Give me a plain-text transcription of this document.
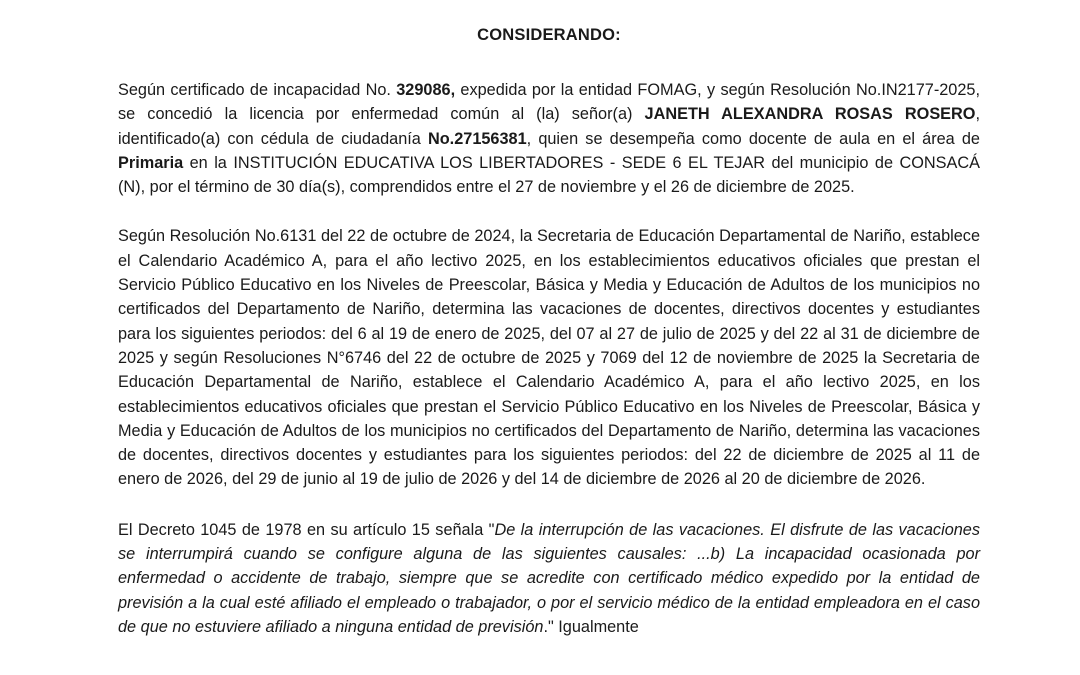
CONSIDERANDO:
Según certificado de incapacidad No. 329086, expedida por la entidad FOMAG, y según Resolución No.IN2177-2025, se concedió la licencia por enfermedad común al (la) señor(a) JANETH ALEXANDRA ROSAS ROSERO, identificado(a) con cédula de ciudadanía No.27156381, quien se desempeña como docente de aula en el área de Primaria en la INSTITUCIÓN EDUCATIVA LOS LIBERTADORES - SEDE 6 EL TEJAR del municipio de CONSACÁ (N), por el término de 30 día(s), comprendidos entre el 27 de noviembre y el 26 de diciembre de 2025.
Según Resolución No.6131 del 22 de octubre de 2024, la Secretaria de Educación Departamental de Nariño, establece el Calendario Académico A, para el año lectivo 2025, en los establecimientos educativos oficiales que prestan el Servicio Público Educativo en los Niveles de Preescolar, Básica y Media y Educación de Adultos de los municipios no certificados del Departamento de Nariño, determina las vacaciones de docentes, directivos docentes y estudiantes para los siguientes periodos: del 6 al 19 de enero de 2025, del 07 al 27 de julio de 2025 y del 22 al 31 de diciembre de 2025 y según Resoluciones N°6746 del 22 de octubre de 2025 y 7069 del 12 de noviembre de 2025 la Secretaria de Educación Departamental de Nariño, establece el Calendario Académico A, para el año lectivo 2025, en los establecimientos educativos oficiales que prestan el Servicio Público Educativo en los Niveles de Preescolar, Básica y Media y Educación de Adultos de los municipios no certificados del Departamento de Nariño, determina las vacaciones de docentes, directivos docentes y estudiantes para los siguientes periodos: del 22 de diciembre de 2025 al 11 de enero de 2026, del 29 de junio al 19 de julio de 2026 y del 14 de diciembre de 2026 al 20 de diciembre de 2026.
El Decreto 1045 de 1978 en su artículo 15 señala "De la interrupción de las vacaciones. El disfrute de las vacaciones se interrumpirá cuando se configure alguna de las siguientes causales: ...b) La incapacidad ocasionada por enfermedad o accidente de trabajo, siempre que se acredite con certificado médico expedido por la entidad de previsión a la cual esté afiliado el empleado o trabajador, o por el servicio médico de la entidad empleadora en el caso de que no estuviere afiliado a ninguna entidad de previsión." Igualmente
